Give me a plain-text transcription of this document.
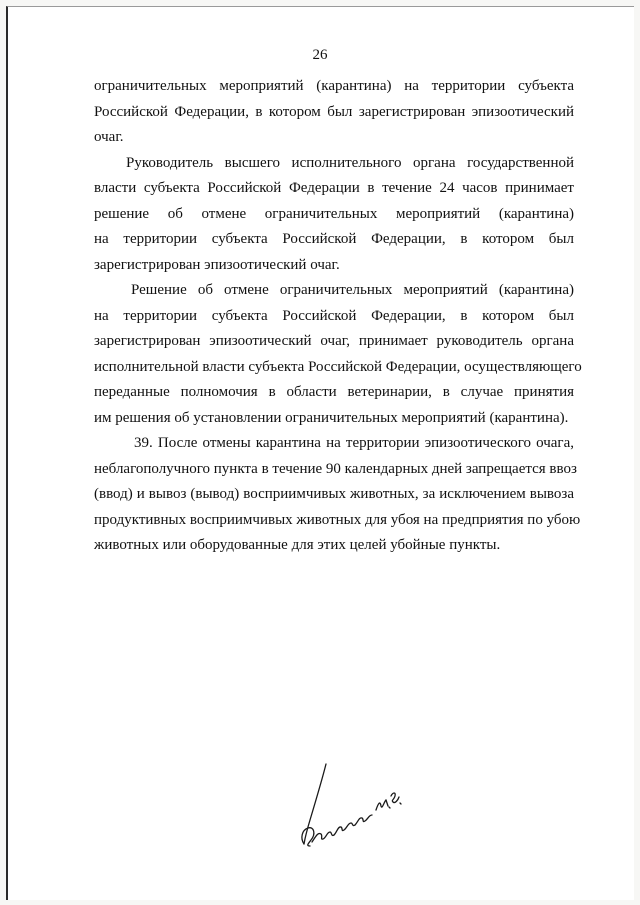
26
ограничительных мероприятий (карантина) на территории субъекта
Российской Федерации, в котором был зарегистрирован эпизоотический
очаг.
Руководитель высшего исполнительного органа государственной
власти субъекта Российской Федерации в течение 24 часов принимает
решение об отмене ограничительных мероприятий (карантина)
на территории субъекта Российской Федерации, в котором был
зарегистрирован эпизоотический очаг.
Решение об отмене ограничительных мероприятий (карантина)
на территории субъекта Российской Федерации, в котором был
зарегистрирован эпизоотический очаг, принимает руководитель органа
исполнительной власти субъекта Российской Федерации, осуществляющего
переданные полномочия в области ветеринарии, в случае принятия
им решения об установлении ограничительных мероприятий (карантина).
39. После отмены карантина на территории эпизоотического очага,
неблагополучного пункта в течение 90 календарных дней запрещается ввоз
(ввод) и вывоз (вывод) восприимчивых животных, за исключением вывоза
продуктивных восприимчивых животных для убоя на предприятия по убою
животных или оборудованные для этих целей убойные пункты.
